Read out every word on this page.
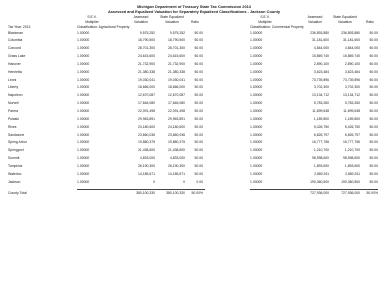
Michigan Department of Treasury State Tax Commission 2013
Assessed and Equalized Valuation for Separately Equalized Classifications - Jackson County
S.E.V.
Multiplier
Assessed
Valuation
State Equalized
Valuation	Ratio
Classification: Agricultural Property
S.E.V.
Multiplier
Assessed
Valuation
State Equalized
Valuation	Ratio
Classification: Commercial Property
Tax Year: 2013
Blackman	1.00000	9,575,252	9,575,252	50.00	1.00000	236,893,880	236,893,880	50.00
Columbia	1.00000	18,790,500	18,790,500	50.00	1.00000	31,181,600	31,181,600	50.00
Concord	1.00000	28,701,300	28,701,300	50.00	1.00000	4,844,000	4,844,000	50.00
Grass Lake	1.00000	24,615,600	24,615,600	50.00	1.00000	15,869,740	15,869,740	50.00
Hanover	1.00000	21,732,900	21,732,900	50.00	1.00000	2,890,100	2,890,100	50.00
Henrietta	1.00000	21,380,338	21,380,338	50.00	1.00000	3,623,484	3,623,484	50.00
Leoni	1.00000	19,030,041	19,030,041	50.00	1.00000	73,739,896	73,739,896	50.00
Liberty	1.00000	18,666,000	18,666,000	50.00	1.00000	3,702,300	3,702,300	50.00
Napoleon	1.00000	12,670,087	12,670,087	50.00	1.00000	13,134,712	13,134,712	50.00
Norvell	1.00000	17,646,080	17,646,080	50.00	1.00000	5,783,260	5,783,260	50.00
Parma	1.00000	22,091,498	22,091,498	50.00	1.00000	11,699,638	11,699,638	50.00
Pulaski	1.00000	29,963,891	29,963,891	50.00	1.00000	1,189,800	1,189,800	50.00
Rives	1.00000	24,180,600	24,180,600	50.00	1.00000	5,426,750	5,426,750	50.00
Sandstone	1.00000	23,660,036	23,660,036	50.00	1.00000	6,826,797	6,826,797	50.00
Spring Arbor	1.00000	19,880,375	19,880,375	50.00	1.00000	16,777,756	16,777,756	50.00
Springport	1.00000	21,438,600	21,438,600	50.00	1.00000	1,210,700	1,210,700	50.00
Summit	1.00000	4,833,000	4,833,000	50.00	1.00000	98,998,600	98,998,600	50.00
Tompkins	1.00000	26,190,300	26,190,300	50.00	1.00000	1,893,600	1,893,600	50.00
Waterloo	1.00000	14,185,671	14,185,671	50.00	1.00000	2,880,911	2,880,911	50.00
Jackson	1.00000	0	0	0.00	1.00000	190,360,500	190,360,500	50.00
County Total	380,100,330	380,100,330	50.00%	727,936,000	727,936,000	50.00%
